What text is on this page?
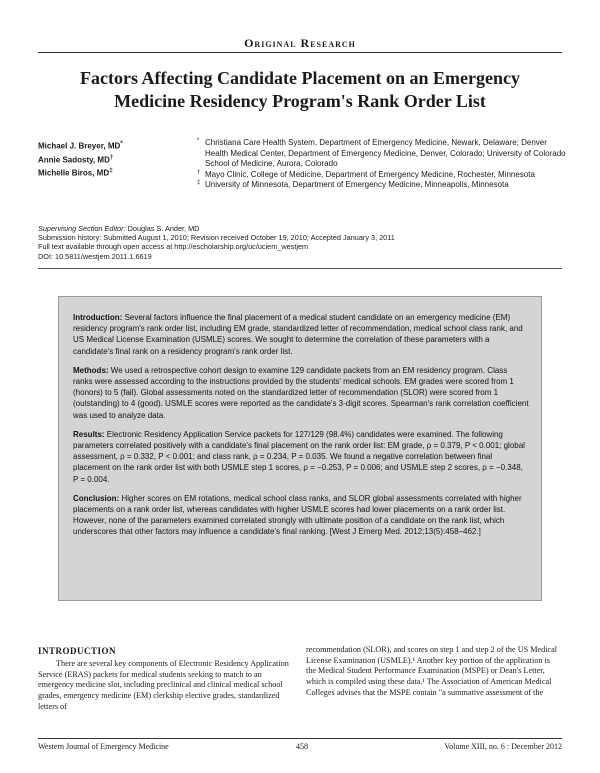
Original Research
Factors Affecting Candidate Placement on an Emergency Medicine Residency Program's Rank Order List
Michael J. Breyer, MD*
Annie Sadosty, MD†
Michelle Biros, MD‡

* Christiana Care Health System, Department of Emergency Medicine, Newark, Delaware; Denver Health Medical Center, Department of Emergency Medicine, Denver, Colorado; University of Colorado School of Medicine, Aurora, Colorado

† Mayo Clinic, College of Medicine, Department of Emergency Medicine, Rochester, Minnesota

‡ University of Minnesota, Department of Emergency Medicine, Minneapolis, Minnesota

Supervising Section Editor: Douglas S. Ander, MD
Submission history: Submitted August 1, 2010; Revision received October 19, 2010; Accepted January 3, 2011
Full text available through open access at http://escholarship.org/uc/uciem_westjem
DOI: 10.5811/westjem.2011.1.6619

Introduction: Several factors influence the final placement of a medical student candidate on an emergency medicine (EM) residency program's rank order list, including EM grade, standardized letter of recommendation, medical school class rank, and US Medical License Examination (USMLE) scores. We sought to determine the correlation of these parameters with a candidate's final rank on a residency program's rank order list.

Methods: We used a retrospective cohort design to examine 129 candidate packets from an EM residency program. Class ranks were assessed according to the instructions provided by the students' medical schools. EM grades were scored from 1 (honors) to 5 (fail). Global assessments noted on the standardized letter of recommendation (SLOR) were scored from 1 (outstanding) to 4 (good). USMLE scores were reported as the candidate's 3-digit scores. Spearman's rank correlation coefficient was used to analyze data.

Results: Electronic Residency Application Service packets for 127/129 (98.4%) candidates were examined. The following parameters correlated positively with a candidate's final placement on the rank order list: EM grade, ρ = 0.379, P < 0.001; global assessment, ρ = 0.332, P < 0.001; and class rank, ρ = 0.234, P = 0.035. We found a negative correlation between final placement on the rank order list with both USMLE step 1 scores, ρ = −0.253, P = 0.006; and USMLE step 2 scores, ρ = −0.348, P = 0.004.

Conclusion: Higher scores on EM rotations, medical school class ranks, and SLOR global assessments correlated with higher placements on a rank order list, whereas candidates with higher USMLE scores had lower placements on a rank order list. However, none of the parameters examined correlated strongly with ultimate position of a candidate on the rank list, which underscores that other factors may influence a candidate's final ranking. [West J Emerg Med. 2012;13(5):458–462.]

INTRODUCTION

There are several key components of Electronic Residency Application Service (ERAS) packets for medical students seeking to match to an emergency medicine slot, including preclinical and clinical medical school grades, emergency medicine (EM) clerkship elective grades, standardized letters of

recommendation (SLOR), and scores on step 1 and step 2 of the US Medical License Examination (USMLE).¹ Another key portion of the application is the Medical Student Performance Examination (MSPE) or Dean's Letter, which is compiled using these data.¹ The Association of American Medical Colleges advises that the MSPE contain "a summative assessment of the

Western Journal of Emergency Medicine	458	Volume XIII, no. 6 : December 2012
